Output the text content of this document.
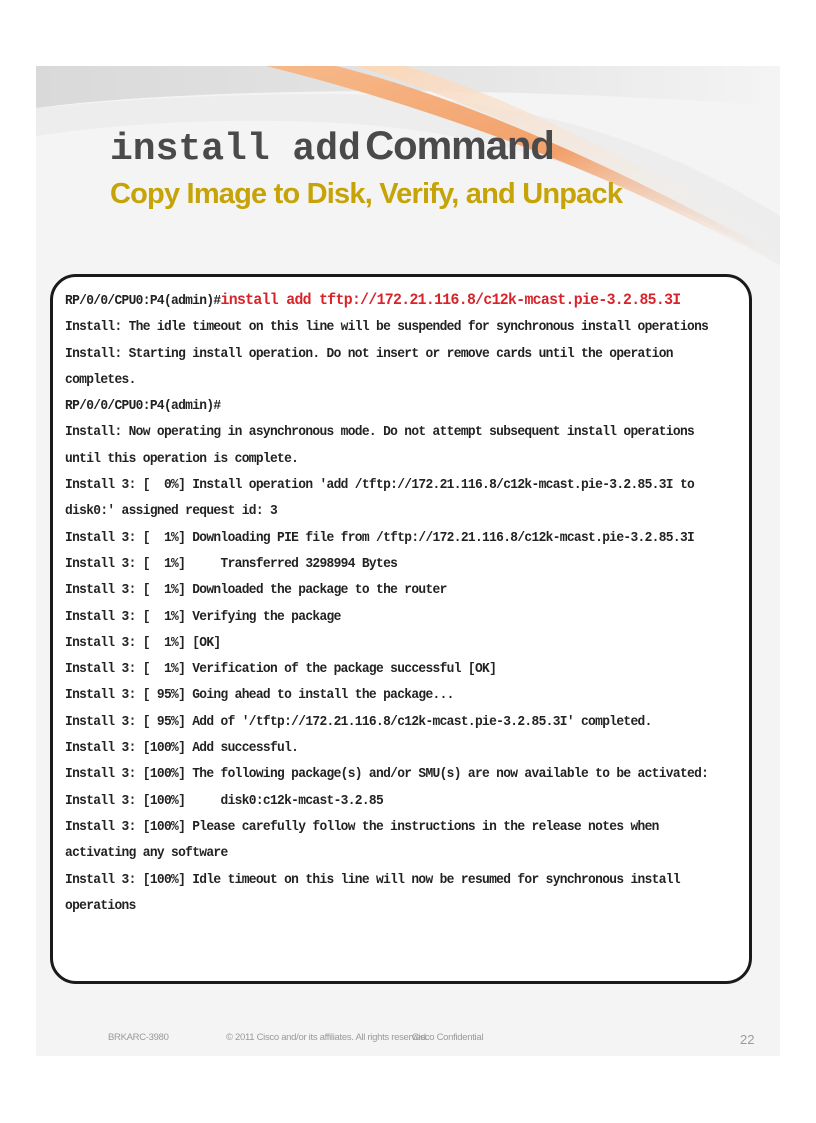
install add Command
Copy Image to Disk, Verify, and Unpack
RP/0/0/CPU0:P4(admin)#install add tftp://172.21.116.8/c12k-mcast.pie-3.2.85.3I
Install: The idle timeout on this line will be suspended for synchronous install operations
Install: Starting install operation. Do not insert or remove cards until the operation
completes.
RP/0/0/CPU0:P4(admin)#
Install: Now operating in asynchronous mode. Do not attempt subsequent install operations
until this operation is complete.
Install 3: [  0%] Install operation 'add /tftp://172.21.116.8/c12k-mcast.pie-3.2.85.3I to
disk0:' assigned request id: 3
Install 3: [  1%] Downloading PIE file from /tftp://172.21.116.8/c12k-mcast.pie-3.2.85.3I
Install 3: [  1%]     Transferred 3298994 Bytes
Install 3: [  1%] Downloaded the package to the router
Install 3: [  1%] Verifying the package
Install 3: [  1%] [OK]
Install 3: [  1%] Verification of the package successful [OK]
Install 3: [ 95%] Going ahead to install the package...
Install 3: [ 95%] Add of '/tftp://172.21.116.8/c12k-mcast.pie-3.2.85.3I' completed.
Install 3: [100%] Add successful.
Install 3: [100%] The following package(s) and/or SMU(s) are now available to be activated:
Install 3: [100%]     disk0:c12k-mcast-3.2.85
Install 3: [100%] Please carefully follow the instructions in the release notes when
activating any software
Install 3: [100%] Idle timeout on this line will now be resumed for synchronous install
operations
BRKARC-3980	© 2011 Cisco and/or its affiliates. All rights reserved.
Cisco Confidential	22
